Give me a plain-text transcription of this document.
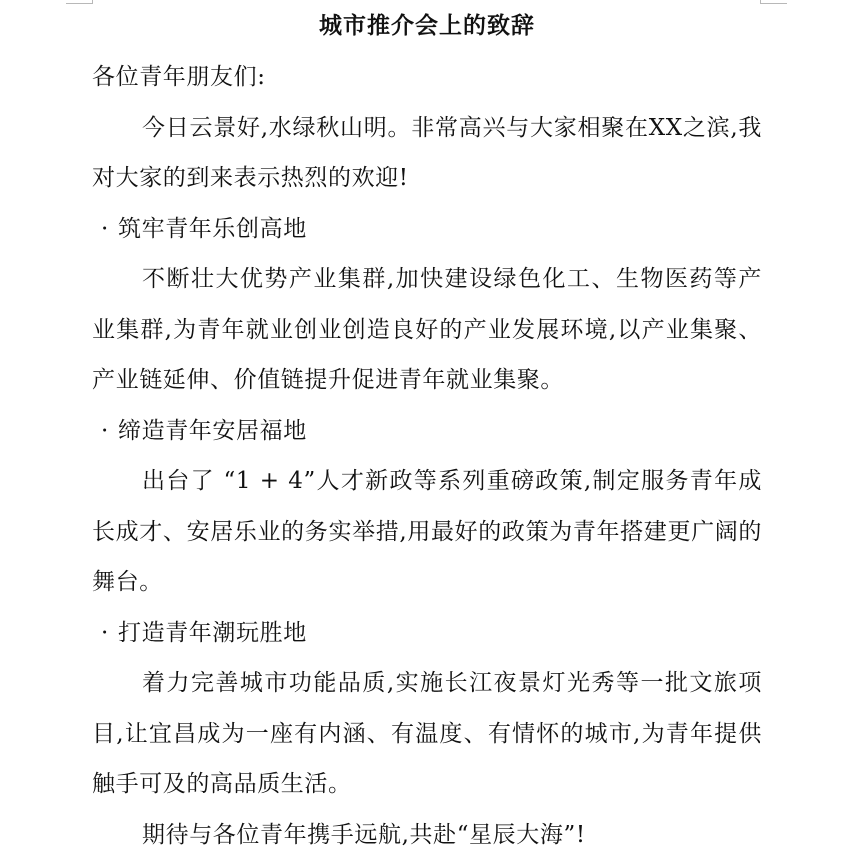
城市推介会上的致辞

各位青年朋友们:

今日云景好,水绿秋山明。非常高兴与大家相聚在XX之滨,我对大家的到来表示热烈的欢迎!

· 筑牢青年乐创高地

不断壮大优势产业集群,加快建设绿色化工、生物医药等产业集群,为青年就业创业创造良好的产业发展环境,以产业集聚、产业链延伸、价值链提升促进青年就业集聚。

· 缔造青年安居福地

出台了 “1 + 4”人才新政等系列重磅政策,制定服务青年成长成才、安居乐业的务实举措,用最好的政策为青年搭建更广阔的舞台。

· 打造青年潮玩胜地

着力完善城市功能品质,实施长江夜景灯光秀等一批文旅项目,让宜昌成为一座有内涵、有温度、有情怀的城市,为青年提供触手可及的高品质生活。

期待与各位青年携手远航,共赴“星辰大海”!
